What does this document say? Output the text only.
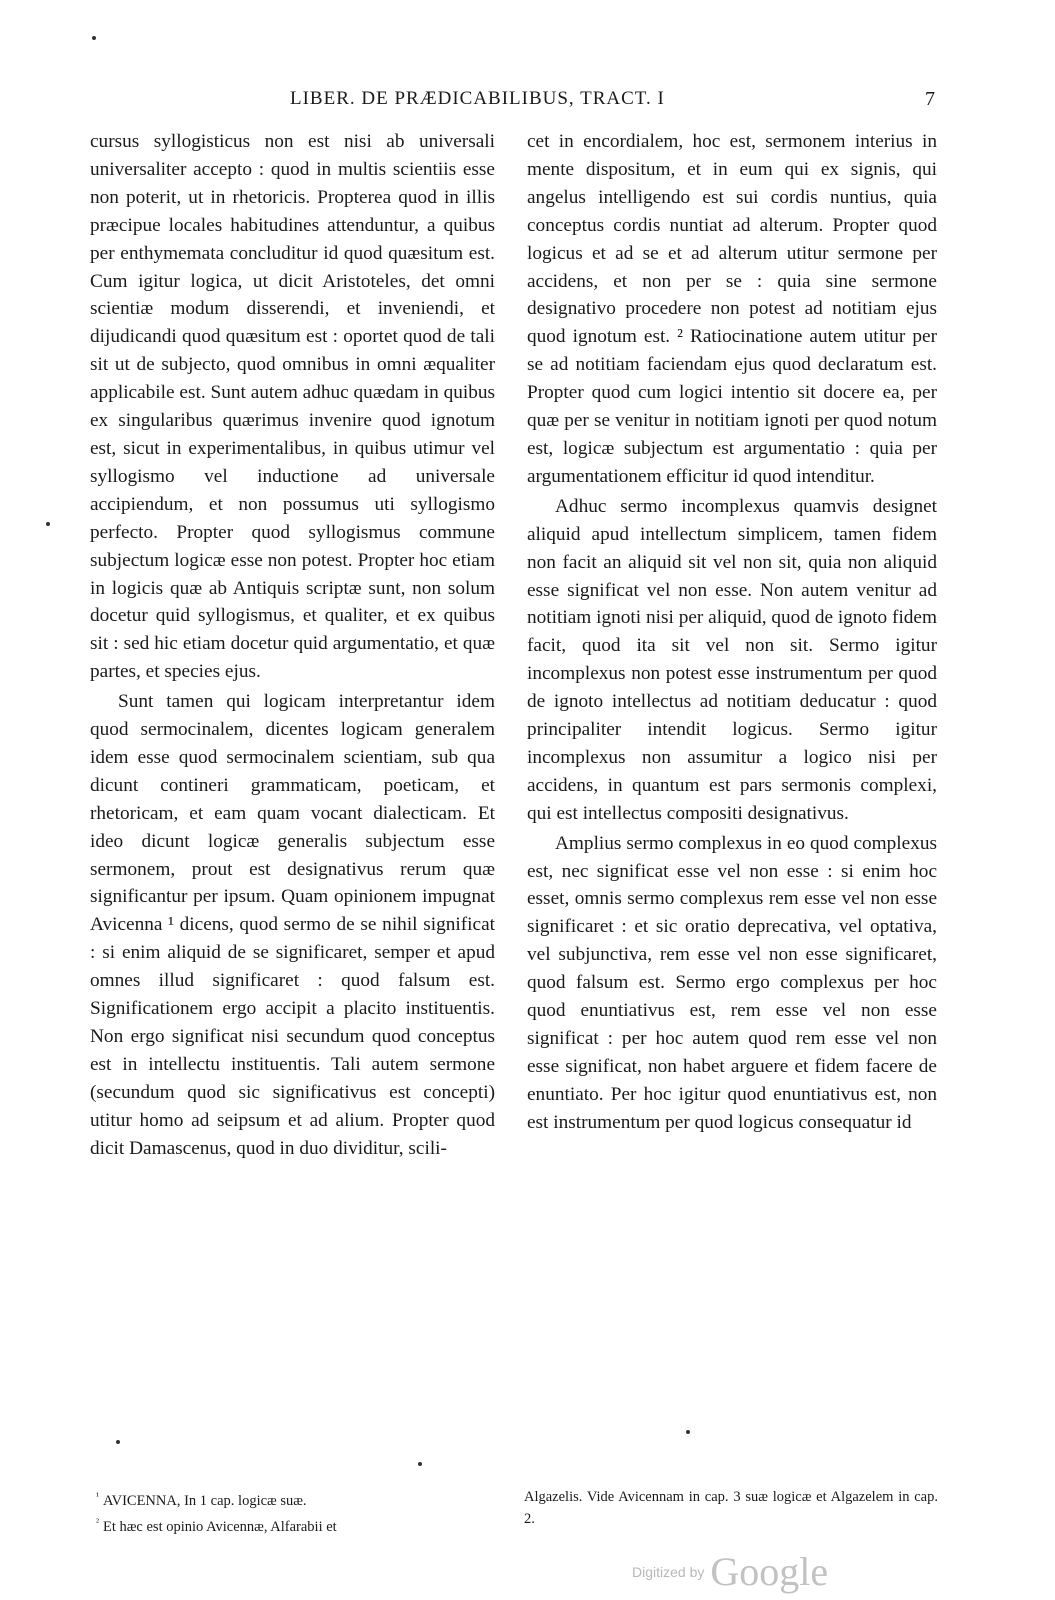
LIBER. DE PRÆDICABILIBUS, TRACT. I	7

cursus syllogisticus non est nisi ab universali universaliter accepto : quod in multis scientiis esse non poterit, ut in rhetoricis. Propterea quod in illis præcipue locales habitudines attenduntur, a quibus per enthymemata concluditur id quod quæsitum est. Cum igitur logica, ut dicit Aristoteles, det omni scientiæ modum disserendi, et inveniendi, et dijudicandi quod quæsitum est : oportet quod de tali sit ut de subjecto, quod omnibus in omni æqualiter applicabile est. Sunt autem adhuc quædam in quibus ex singularibus quærimus invenire quod ignotum est, sicut in experimentalibus, in quibus utimur vel syllogismo vel inductione ad universale accipiendum, et non possumus uti syllogismo perfecto. Propter quod syllogismus commune subjectum logicæ esse non potest. Propter hoc etiam in logicis quæ ab Antiquis scriptæ sunt, non solum docetur quid syllogismus, et qualiter, et ex quibus sit : sed hic etiam docetur quid argumentatio, et quæ partes, et species ejus.

Sunt tamen qui logicam interpretantur idem quod sermocinalem, dicentes logicam generalem idem esse quod sermocinalem scientiam, sub qua dicunt contineri grammaticam, poeticam, et rhetoricam, et eam quam vocant dialecticam. Et ideo dicunt logicæ generalis subjectum esse sermonem, prout est designativus rerum quæ significantur per ipsum. Quam opinionem impugnat Avicenna ¹ dicens, quod sermo de se nihil significat : si enim aliquid de se significaret, semper et apud omnes illud significaret : quod falsum est. Significationem ergo accipit a placito instituentis. Non ergo significat nisi secundum quod conceptus est in intellectu instituentis. Tali autem sermone (secundum quod sic significativus est concepti) utitur homo ad seipsum et ad alium. Propter quod dicit Damascenus, quod in duo dividitur, scili-

cet in encordialem, hoc est, sermonem interius in mente dispositum, et in eum qui ex signis, qui angelus intelligendo est sui cordis nuntius, quia conceptus cordis nuntiat ad alterum. Propter quod logicus et ad se et ad alterum utitur sermone per accidens, et non per se : quia sine sermone designativo procedere non potest ad notitiam ejus quod ignotum est. ² Ratiocinatione autem utitur per se ad notitiam faciendam ejus quod declaratum est. Propter quod cum logici intentio sit docere ea, per quæ per se venitur in notitiam ignoti per quod notum est, logicæ subjectum est argumentatio : quia per argumentationem efficitur id quod intenditur.

Adhuc sermo incomplexus quamvis designet aliquid apud intellectum simplicem, tamen fidem non facit an aliquid sit vel non sit, quia non aliquid esse significat vel non esse. Non autem venitur ad notitiam ignoti nisi per aliquid, quod de ignoto fidem facit, quod ita sit vel non sit. Sermo igitur incomplexus non potest esse instrumentum per quod de ignoto intellectus ad notitiam deducatur : quod principaliter intendit logicus. Sermo igitur incomplexus non assumitur a logico nisi per accidens, in quantum est pars sermonis complexi, qui est intellectus compositi designativus.

Amplius sermo complexus in eo quod complexus est, nec significat esse vel non esse : si enim hoc esset, omnis sermo complexus rem esse vel non esse significaret : et sic oratio deprecativa, vel optativa, vel subjunctiva, rem esse vel non esse significaret, quod falsum est. Sermo ergo complexus per hoc quod enuntiativus est, rem esse vel non esse significat : per hoc autem quod rem esse vel non esse significat, non habet arguere et fidem facere de enuntiato. Per hoc igitur quod enuntiativus est, non est instrumentum per quod logicus consequatur id

$^{^1}$ AVICENNA, In 1 cap. logicæ suæ.

$^{^2}$ Et hæc est opinio Avicennæ, Alfarabii et

Algazelis. Vide Avicennam in cap. 3 suæ logicæ et Algazelem in cap. 2.

Digitized by Google
